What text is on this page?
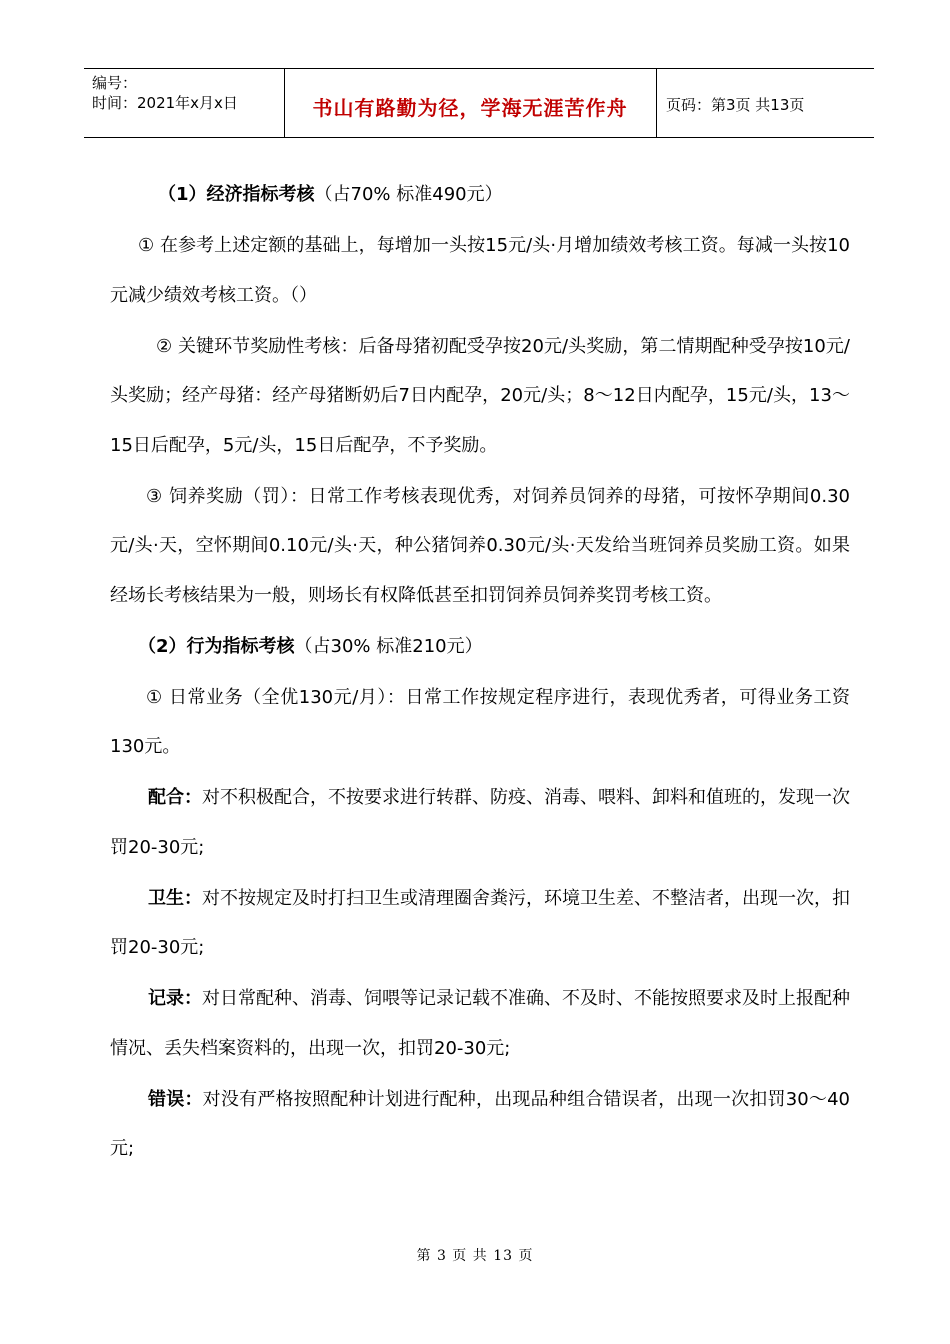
编号：
时间：2021年x月x日	书山有路勤为径，学海无涯苦作舟	页码：第3页 共13页

（1）经济指标考核（占70% 标准490元）

① 在参考上述定额的基础上，每增加一头按15元/头·月增加绩效考核工资。每减一头按10元减少绩效考核工资。（）

② 关键环节奖励性考核：后备母猪初配受孕按20元/头奖励，第二情期配种受孕按10元/头奖励；经产母猪：经产母猪断奶后7日内配孕，20元/头；8～12日内配孕，15元/头，13～15日后配孕，5元/头，15日后配孕，不予奖励。

③ 饲养奖励（罚）：日常工作考核表现优秀，对饲养员饲养的母猪，可按怀孕期间0.30元/头·天，空怀期间0.10元/头·天，种公猪饲养0.30元/头·天发给当班饲养员奖励工资。如果经场长考核结果为一般，则场长有权降低甚至扣罚饲养员饲养奖罚考核工资。

（2）行为指标考核（占30% 标准210元）

① 日常业务（全优130元/月）：日常工作按规定程序进行，表现优秀者，可得业务工资130元。

配合：对不积极配合，不按要求进行转群、防疫、消毒、喂料、卸料和值班的，发现一次罚20-30元;

卫生：对不按规定及时打扫卫生或清理圈舍粪污，环境卫生差、不整洁者，出现一次，扣罚20-30元;

记录：对日常配种、消毒、饲喂等记录记载不准确、不及时、不能按照要求及时上报配种情况、丢失档案资料的，出现一次，扣罚20-30元;

错误：对没有严格按照配种计划进行配种，出现品种组合错误者，出现一次扣罚30～40元;

第 3 页 共 13 页
